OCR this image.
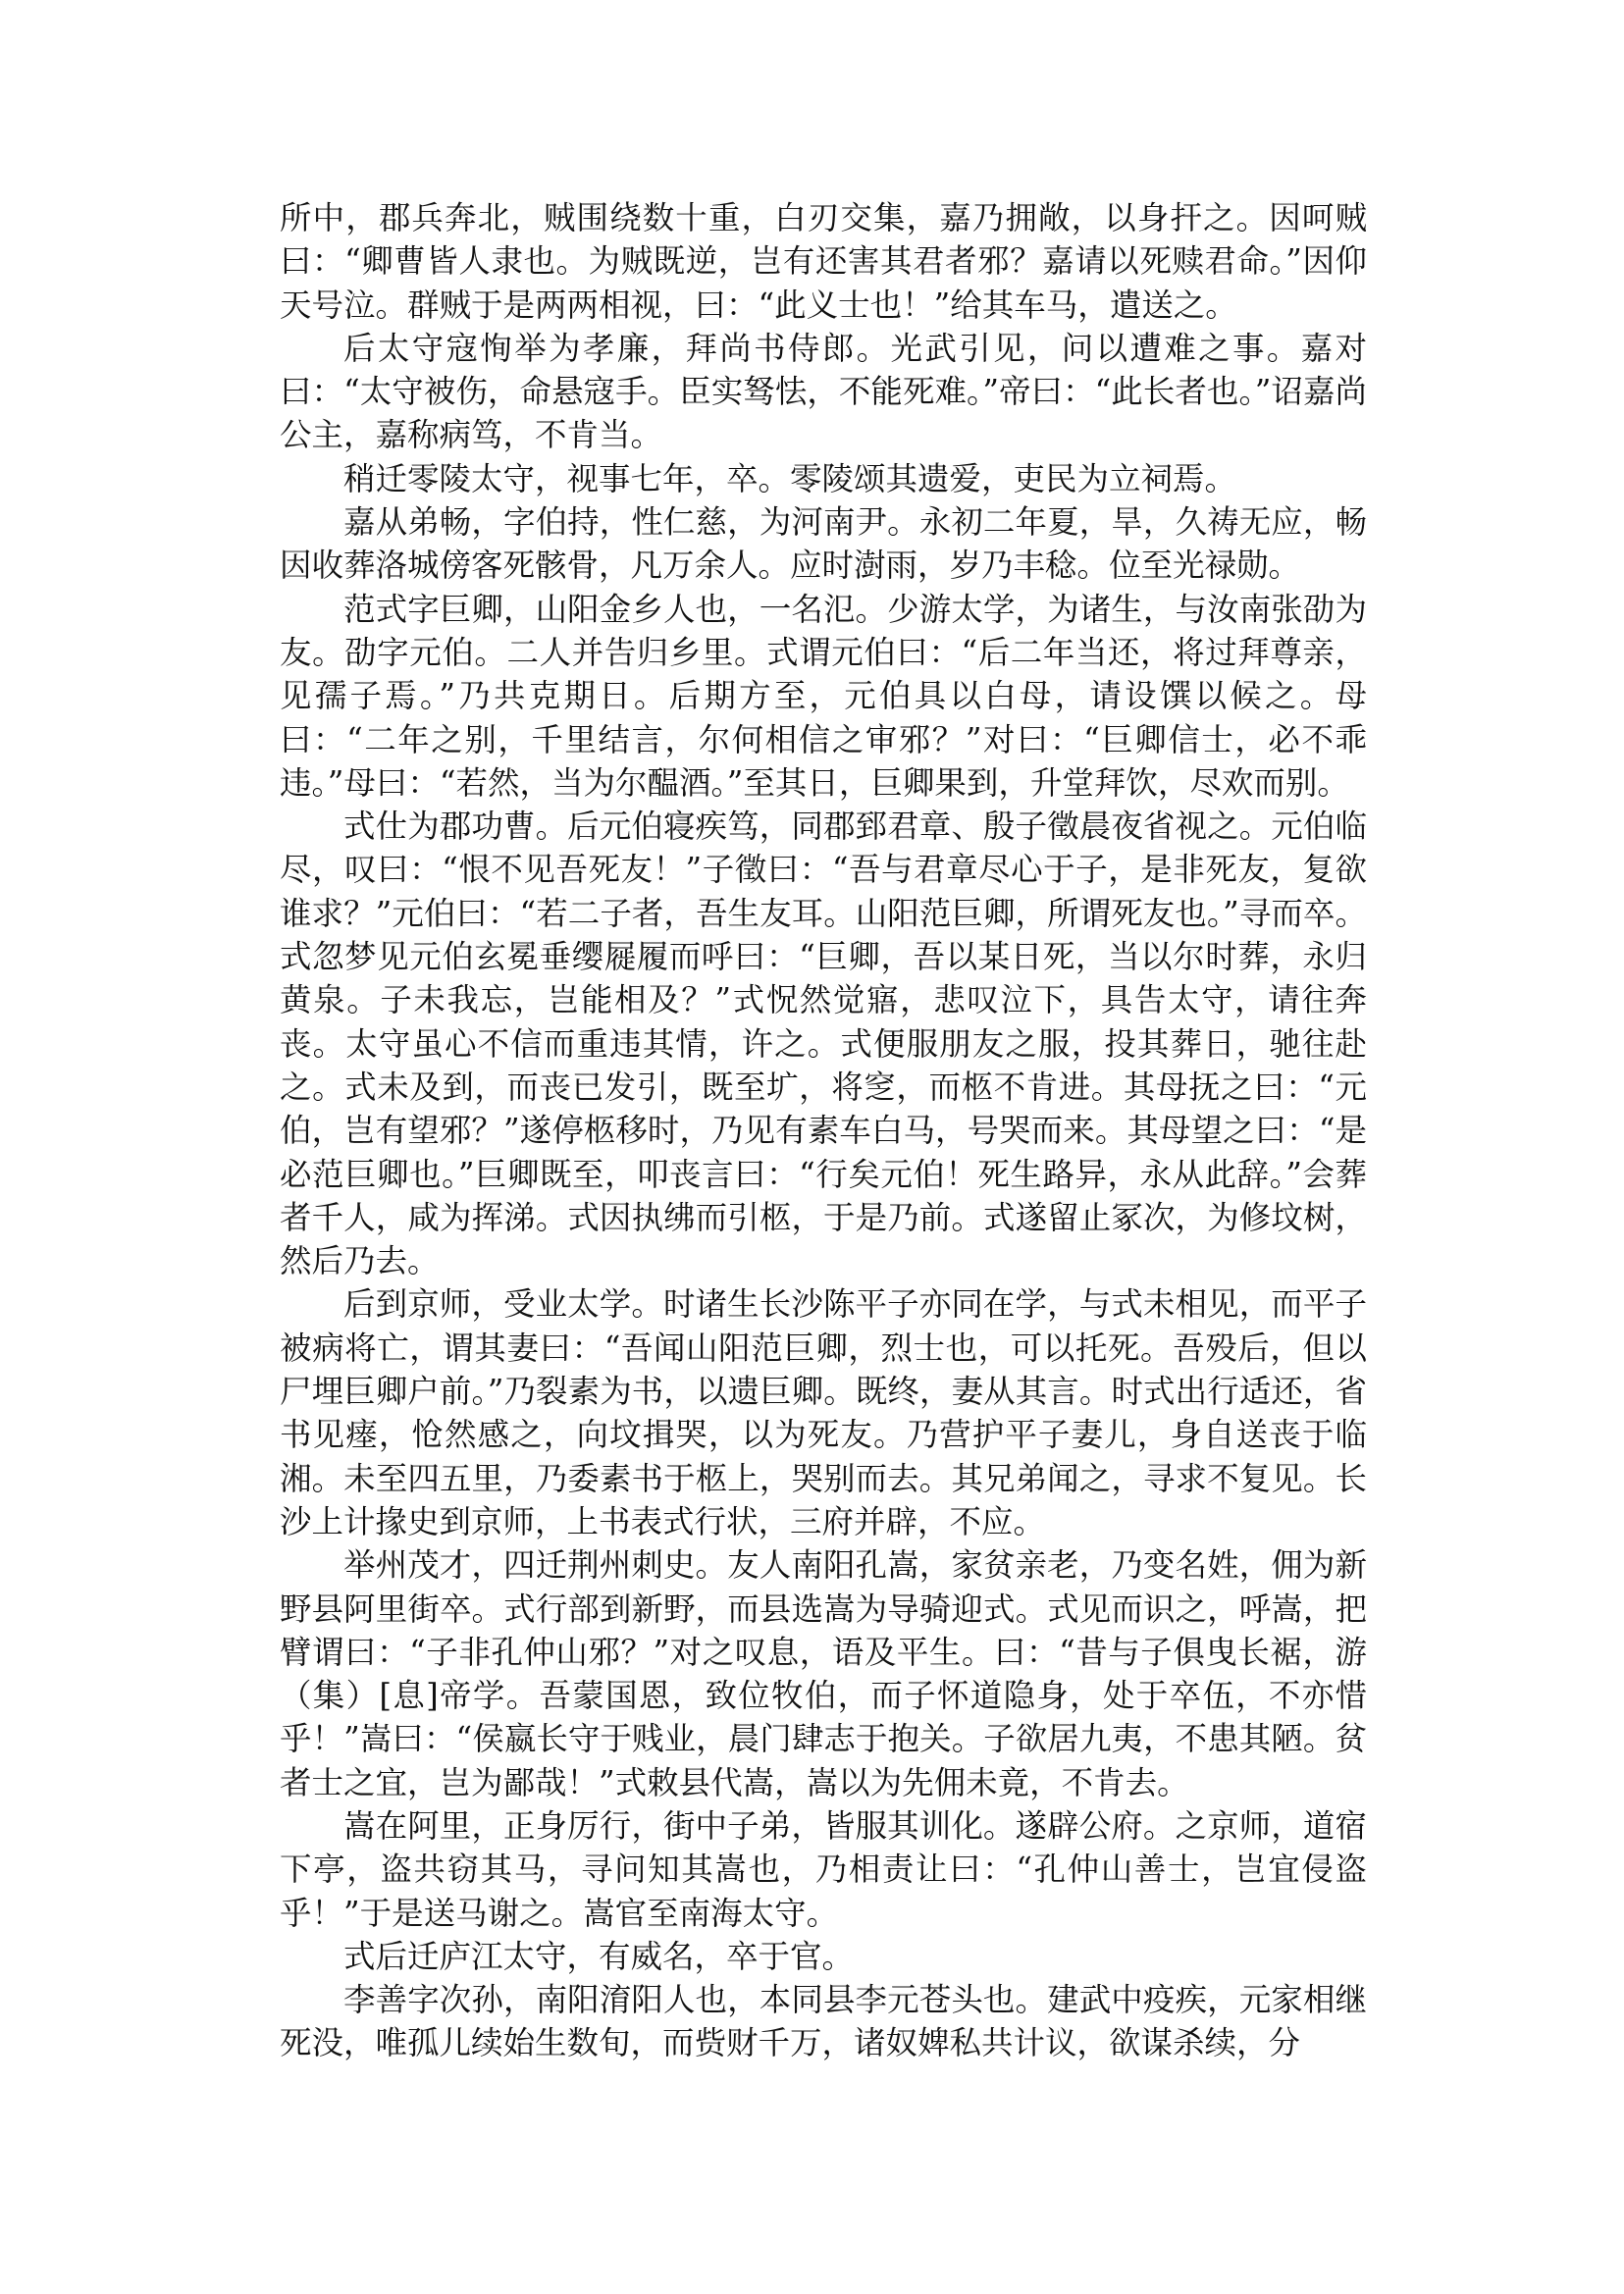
所中，郡兵奔北，贼围绕数十重，白刃交集，嘉乃拥敞，以身扞之。因呵贼曰：“卿曹皆人隶也。为贼既逆，岂有还害其君者邪？嘉请以死赎君命。”因仰天号泣。群贼于是两两相视，曰：“此义士也！”给其车马，遣送之。

后太守寇恂举为孝廉，拜尚书侍郎。光武引见，问以遭难之事。嘉对曰：“太守被伤，命悬寇手。臣实驽怯，不能死难。”帝曰：“此长者也。”诏嘉尚公主，嘉称病笃，不肯当。

稍迁零陵太守，视事七年，卒。零陵颂其遗爱，吏民为立祠焉。

嘉从弟畅，字伯持，性仁慈，为河南尹。永初二年夏，旱，久祷无应，畅因收葬洛城傍客死骸骨，凡万余人。应时澍雨，岁乃丰稔。位至光禄勋。

范式字巨卿，山阳金乡人也，一名氾。少游太学，为诸生，与汝南张劭为友。劭字元伯。二人并告归乡里。式谓元伯曰：“后二年当还，将过拜尊亲，见孺子焉。”乃共克期日。后期方至，元伯具以白母，请设馔以候之。母曰：“二年之别，千里结言，尔何相信之审邪？”对曰：“巨卿信士，必不乖违。”母曰：“若然，当为尔醖酒。”至其日，巨卿果到，升堂拜饮，尽欢而别。

式仕为郡功曹。后元伯寝疾笃，同郡郅君章、殷子徵晨夜省视之。元伯临尽，叹曰：“恨不见吾死友！”子徵曰：“吾与君章尽心于子，是非死友，复欲谁求？”元伯曰：“若二子者，吾生友耳。山阳范巨卿，所谓死友也。”寻而卒。式忽梦见元伯玄冕垂缨屣履而呼曰：“巨卿，吾以某日死，当以尔时葬，永归黄泉。子未我忘，岂能相及？”式怳然觉寤，悲叹泣下，具告太守，请往奔丧。太守虽心不信而重违其情，许之。式便服朋友之服，投其葬日，驰往赴之。式未及到，而丧已发引，既至圹，将窆，而柩不肯进。其母抚之曰：“元伯，岂有望邪？”遂停柩移时，乃见有素车白马，号哭而来。其母望之曰：“是必范巨卿也。”巨卿既至，叩丧言曰：“行矣元伯！死生路异，永从此辞。”会葬者千人，咸为挥涕。式因执绋而引柩，于是乃前。式遂留止冢次，为修坟树，然后乃去。

后到京师，受业太学。时诸生长沙陈平子亦同在学，与式未相见，而平子被病将亡，谓其妻曰：“吾闻山阳范巨卿，烈士也，可以托死。吾殁后，但以尸埋巨卿户前。”乃裂素为书，以遗巨卿。既终，妻从其言。时式出行适还，省书见瘗，怆然感之，向坟揖哭，以为死友。乃营护平子妻儿，身自送丧于临湘。未至四五里，乃委素书于柩上，哭别而去。其兄弟闻之，寻求不复见。长沙上计掾史到京师，上书表式行状，三府并辟，不应。

举州茂才，四迁荆州刺史。友人南阳孔嵩，家贫亲老，乃变名姓，佣为新野县阿里街卒。式行部到新野，而县选嵩为导骑迎式。式见而识之，呼嵩，把臂谓曰：“子非孔仲山邪？”对之叹息，语及平生。曰：“昔与子俱曳长裾，游（集）[息]帝学。吾蒙国恩，致位牧伯，而子怀道隐身，处于卒伍，不亦惜乎！”嵩曰：“侯嬴长守于贱业，晨门肆志于抱关。子欲居九夷，不患其陋。贫者士之宜，岂为鄙哉！”式敕县代嵩，嵩以为先佣未竟，不肯去。

嵩在阿里，正身厉行，街中子弟，皆服其训化。遂辟公府。之京师，道宿下亭，盗共窃其马，寻问知其嵩也，乃相责让曰：“孔仲山善士，岂宜侵盗乎！”于是送马谢之。嵩官至南海太守。

式后迁庐江太守，有威名，卒于官。

李善字次孙，南阳淯阳人也，本同县李元苍头也。建武中疫疾，元家相继死没，唯孤儿续始生数旬，而赀财千万，诸奴婢私共计议，欲谋杀续，分
